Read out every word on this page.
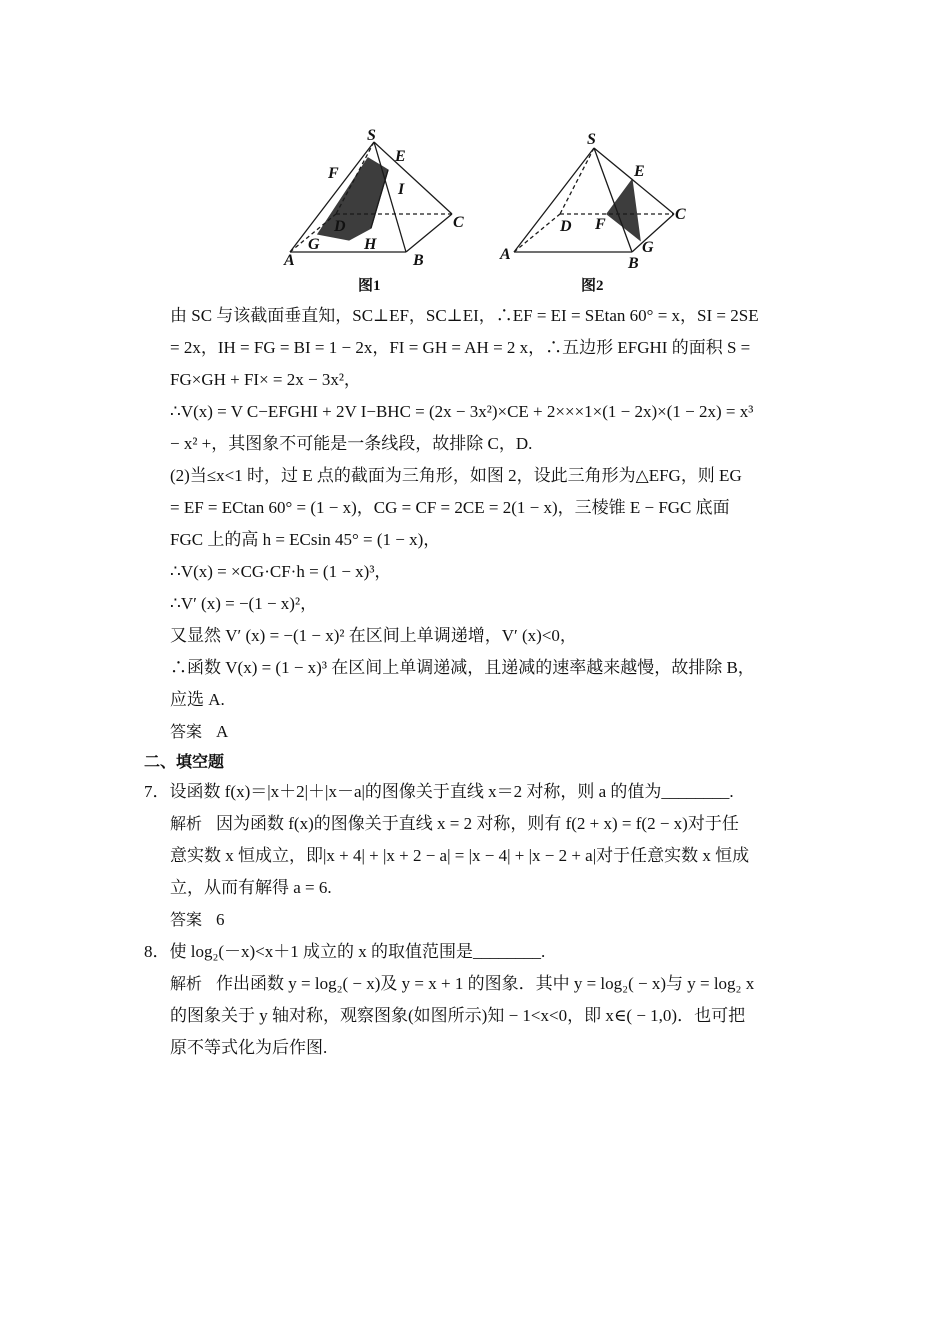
S
F
E
I
C
D
A
G	H
B
图1
S
E
D F
C
A	G
B
图2
由 SC 与该截面垂直知，SC⊥EF，SC⊥EI，∴EF = EI = SEtan 60° = x，SI = 2SE
= 2x，IH = FG = BI = 1 − 2x，FI = GH = AH = 2 x，∴五边形 EFGHI 的面积 S =
FG×GH + FI× = 2x − 3x²，
∴V(x) = V C−EFGHI + 2V I−BHC = (2x − 3x²)×CE + 2×××1×(1 − 2x)×(1 − 2x) = x³
− x² +，其图象不可能是一条线段，故排除 C，D.
(2)当≤x<1 时，过 E 点的截面为三角形，如图 2，设此三角形为△EFG，则 EG
= EF = ECtan 60° = (1 − x)，CG = CF = 2CE = 2(1 − x)，三棱锥 E − FGC 底面
FGC 上的高 h = ECsin 45° = (1 − x)，
∴V(x) = ×CG·CF·h = (1 − x)³，
∴V′ (x) = −(1 − x)²，
又显然 V′ (x) = −(1 − x)² 在区间上单调递增，V′ (x)<0，
∴函数 V(x) = (1 − x)³ 在区间上单调递减，且递减的速率越来越慢，故排除 B，
应选 A.
答案 A
二、填空题
7．设函数 f(x)＝|x＋2|＋|x－a|的图像关于直线 x＝2 对称，则 a 的值为________.
解析 因为函数 f(x)的图像关于直线 x = 2 对称，则有 f(2 + x) = f(2 − x)对于任
意实数 x 恒成立，即|x + 4| + |x + 2 − a| = |x − 4| + |x − 2 + a|对于任意实数 x 恒成
立，从而有解得 a = 6.
答案 6
8．使 log₂(－x)<x＋1 成立的 x 的取值范围是________.
解析 作出函数 y = log₂( − x)及 y = x + 1 的图象．其中 y = log₂( − x)与 y = log₂ x
的图象关于 y 轴对称，观察图象(如图所示)知 − 1<x<0，即 x∈( − 1,0)．也可把
原不等式化为后作图.
